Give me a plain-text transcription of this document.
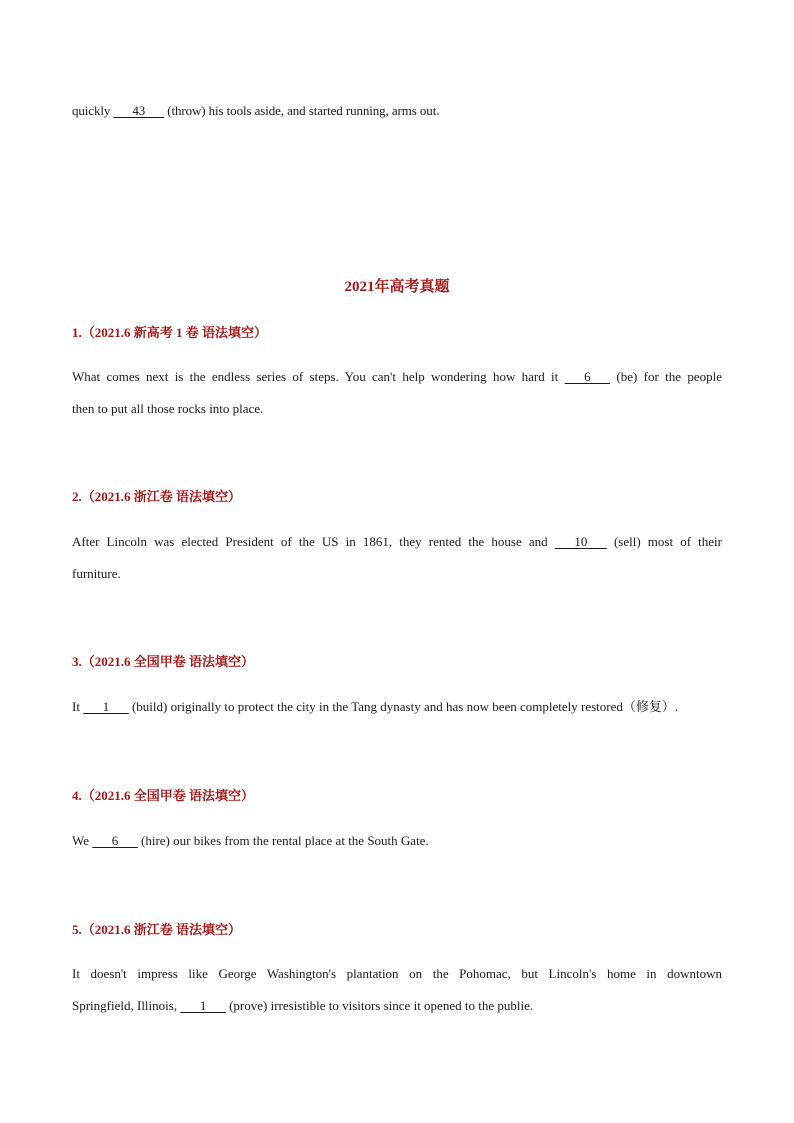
quickly       43       (throw) his tools aside, and started running, arms out.
2021年高考真题
1.（2021.6 新高考 1 卷 语法填空）

What comes next is the endless series of steps. You can't help wondering how hard it       6       (be) for the people

then to put all those rocks into place.

2.（2021.6 浙江卷 语法填空）

After Lincoln was elected President of the US in 1861, they rented the house and       10       (sell) most of their

furniture.

3.（2021.6 全国甲卷 语法填空）

It       1       (build) originally to protect the city in the Tang dynasty and has now been completely restored（修复）.

4.（2021.6 全国甲卷 语法填空）

We       6       (hire) our bikes from the rental place at the South Gate.

5.（2021.6 浙江卷 语法填空）

It doesn't impress like George Washington's plantation on the Pohomac, but Lincoln's home in downtown

Springfield, Illinois,       1       (prove) irresistible to visitors since it opened to the publie.
